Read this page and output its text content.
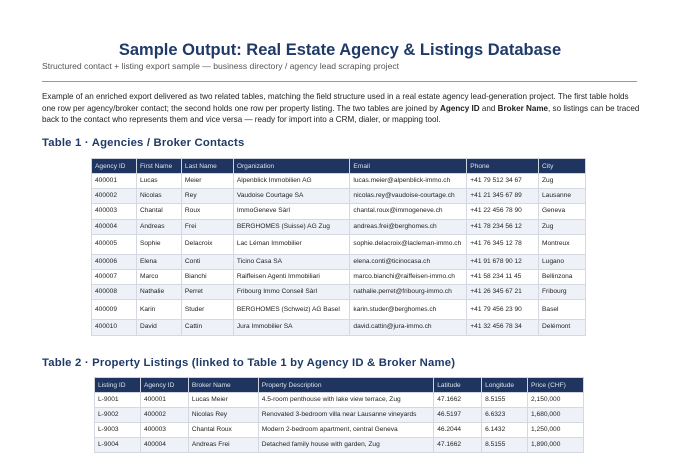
Sample Output: Real Estate Agency & Listings Database

Structured contact + listing export sample — business directory / agency lead scraping project

Example of an enriched export delivered as two related tables, matching the field structure used in a real estate agency lead-generation project. The first table holds one row per agency/broker contact; the second holds one row per property listing. The two tables are joined by Agency ID and Broker Name, so listings can be traced back to the contact who represents them and vice versa — ready for import into a CRM, dialer, or mapping tool.

Table 1 · Agencies / Broker Contacts
Agency ID	First Name	Last Name	Organization	Email	Phone	City
400001	Lucas	Meier	Alpenblick Immobilien AG	lucas.meier@alpenblick-immo.ch	+41 79 512 34 67	Zug
400002	Nicolas	Rey	Vaudoise Courtage SA	nicolas.rey@vaudoise-courtage.ch	+41 21 345 67 89	Lausanne
400003	Chantal	Roux	ImmoGeneve Sàrl	chantal.roux@immogeneve.ch	+41 22 456 78 90	Geneva
400004	Andreas	Frei	BERGHOMES (Suisse) AG Zug	andreas.frei@berghomes.ch	+41 78 234 56 12	Zug
400005	Sophie	Delacroix	Lac Léman Immobilier	sophie.delacroix@lacleman-immo.ch	+41 76 345 12 78	Montreux
400006	Elena	Conti	Ticino Casa SA	elena.conti@ticinocasa.ch	+41 91 678 90 12	Lugano
400007	Marco	Bianchi	Raiffeisen Agenti Immobiliari	marco.bianchi@raiffeisen-immo.ch	+41 58 234 11 45	Bellinzona
400008	Nathalie	Perret	Fribourg Immo Conseil Sàrl	nathalie.perret@fribourg-immo.ch	+41 26 345 67 21	Fribourg
400009	Karin	Studer	BERGHOMES (Schweiz) AG Basel	karin.studer@berghomes.ch	+41 79 456 23 90	Basel
400010	David	Cattin	Jura Immobilier SA	david.cattin@jura-immo.ch	+41 32 456 78 34	Delémont
Table 2 · Property Listings (linked to Table 1 by Agency ID & Broker Name)
Listing ID	Agency ID	Broker Name	Property Description	Latitude	Longitude	Price (CHF)
L-9001	400001	Lucas Meier	4.5-room penthouse with lake view terrace, Zug	47.1662	8.5155	2,150,000
L-9002	400002	Nicolas Rey	Renovated 3-bedroom villa near Lausanne vineyards	46.5197	6.6323	1,680,000
L-9003	400003	Chantal Roux	Modern 2-bedroom apartment, central Geneva	46.2044	6.1432	1,250,000
L-9004	400004	Andreas Frei	Detached family house with garden, Zug	47.1662	8.5155	1,890,000
